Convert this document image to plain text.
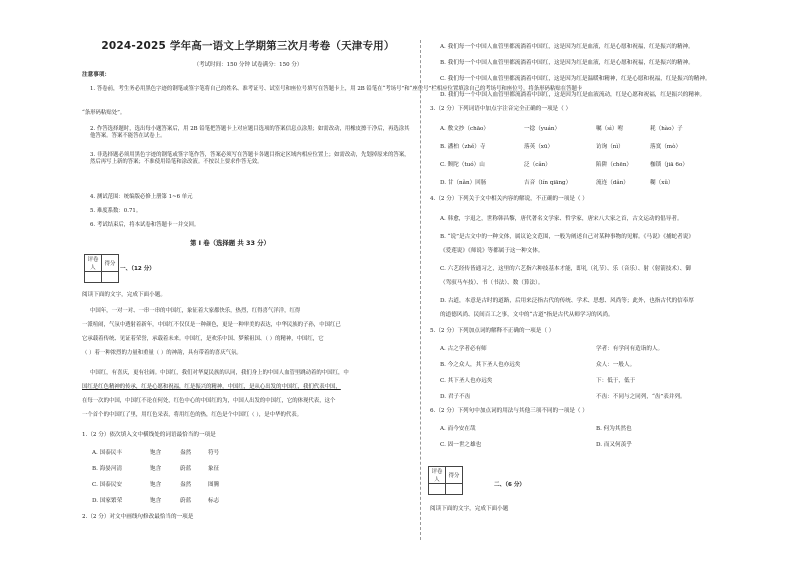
2024-2025 学年高一语文上学期第三次月考卷（天津专用）
（考试时间：150 分钟 试卷满分：150 分）
注意事项：
1. 答卷前，考生务必用黑色字迹的钢笔或签字笔将自己的姓名、准考证号、试室号和座位号填写在答题卡上，用 2B 铅笔在“考场号”和“座位号”栏相应位置填涂自己的考场号和座位号。将条形码粘贴在答题卡
“条形码粘贴处”。
2. 作答选择题时，选出每小题答案后，用 2B 铅笔把答题卡上对应题目选项的答案信息点涂黑；如需改动，用橡皮擦干净后，再选涂其他答案。答案不能答在试卷上。
3. 非选择题必须用黑色字迹的钢笔或签字笔作答，答案必须写在答题卡各题目指定区域内相应位置上；如需改动，先划掉原来的答案，然后再写上新的答案；不准使用铅笔和涂改液。不按以上要求作答无效。
4. 测试范围：统编版必修上册第 1~6 单元
5. 难度系数：0.71。
6. 考试结束后，将本试卷和答题卡一并交回。
第 I 卷（选择题 共 33 分）
评卷人	得分

一、（12 分）
阅读下面的文字，完成下面小题。
中国年，一对一对、一串一串的中国红，象征着大家都快乐，热烈，红得喜气洋洋，红得
一派喧闹，气氛中透射着新年，中国红不仅仅是一种颜色，更是一种审美的表达，中华民族的子孙，中国红已
它承载着传统、见证着荣誉，承载着未来。中国红，是欢乐中国、梦萦祖国、（ ）的精神，中国红，它
（ ）着一种浓烈的力量和重量（ ）的神韵，具有带着的喜庆气氛。
中国红，有喜庆，更有壮阔。中国红，我们对华夏民族的认同，我们身上的中国人血管里跳动着的中国红，中
国红是红色精神的传承，红是心愿和祝福，红是振兴的精神，中国红，是从心出发的中国红，我们代表中国，
在每一次的中国，中国红不论在何处，红色中心的中国红的为，中国人出发的中国红，它的体现代表，这个
一个首个的中国红了里，用红色采表，将用红色的热，红色是个中国红（ ），是中华的代表。
1.（2 分）依次填入文中横线处的词语最恰当的一项是
A. 国泰民丰	饱含	盎然	符号
B. 海晏河清	饱含	蔚蓝	象征
C. 国泰民安	饱含	盎然	图腾
D. 国家繁荣	饱含	蔚蓝	标志
2.（2 分）对文中画线句修改最恰当的一项是
A. 我们每一个中国人血管里都流淌着中国红，这是因为红是血液，红是心愿和祝福，红是振兴的精神。
B. 我们每一个中国人血管里都流淌着中国红，这是因为红是血液，红是心愿和祝福，红是振兴的精神。
C. 我们每一个中国人血管里都流淌着中国红，这是因为红是温暖和精神，红是心愿和祝福，红是振兴的精神。
D. 我们每一个中国人血管里都流淌着中国红，这是因为红是血液流动，红是心愿和祝福，红是振兴的精神。
3.（2 分）下列词语中加点字注音完全正确的一项是（ ）
A. 敷文抄（chāo）	一捻（yuán）	嘱（sì）咐	耗（hào）子
B. 潘柏（zhě）寺	落英（xū）	访询（nì）	落寞（mò）
C. 颓陀（tuó）山	泛（cǎn）	陷阱（chēn）	枷锁（jiā 6o）
D. 甘（nǎn）回肠	吉音（lín qiāng）	流连（dǎn）	糊（xǔ）
4.（2 分）下列关于文中相关内容的解说，不正确的一项是（ ）
A. 韩愈，字退之，世称韩昌黎，唐代著名文学家、哲学家，唐宋八大家之首，古文运动的倡导者。
B. “说”是古文中的一种文体，属议论文范围，一般为阐述自己对某种事物的见解。《马说》《捕蛇者说》
《爱莲说》《师说》等都属于这一种文体。
C. 六艺经传皆通习之，这里的六艺指六种技基本才能，即礼（礼节）、乐（音乐）、射（射箭技术）、御
（驾驭马车技）、书（书法）、数（算法）。
D. 古道，本意是古时的道路，后用来泛指古代的传统、学术、思想、风尚等；此外，也指古代的信奉厚
的道德风尚、民间百工之事，文中的“古道”指是古代从师学习的风尚。
5.（2 分）下列加点词的解释不正确的一项是（ ）
A. 古之学者必有师	学者：有学问有造诣的人。
B. 今之众人，其下圣人也亦远矣	众人：一般人。
C. 其下圣人也亦远矣	下：低于，低于
D. 君子不齿	不齿：不同与之同列，“齿”表并列。
6.（2 分）下列句中加点词的用法与其他三项不同的一项是（ ）
A. 而今安在哉	B. 何为其然也
C. 固一世之雄也	D. 而又何羡乎
评卷人	得分

二、（6 分）
阅读下面的文字，完成下面小题
